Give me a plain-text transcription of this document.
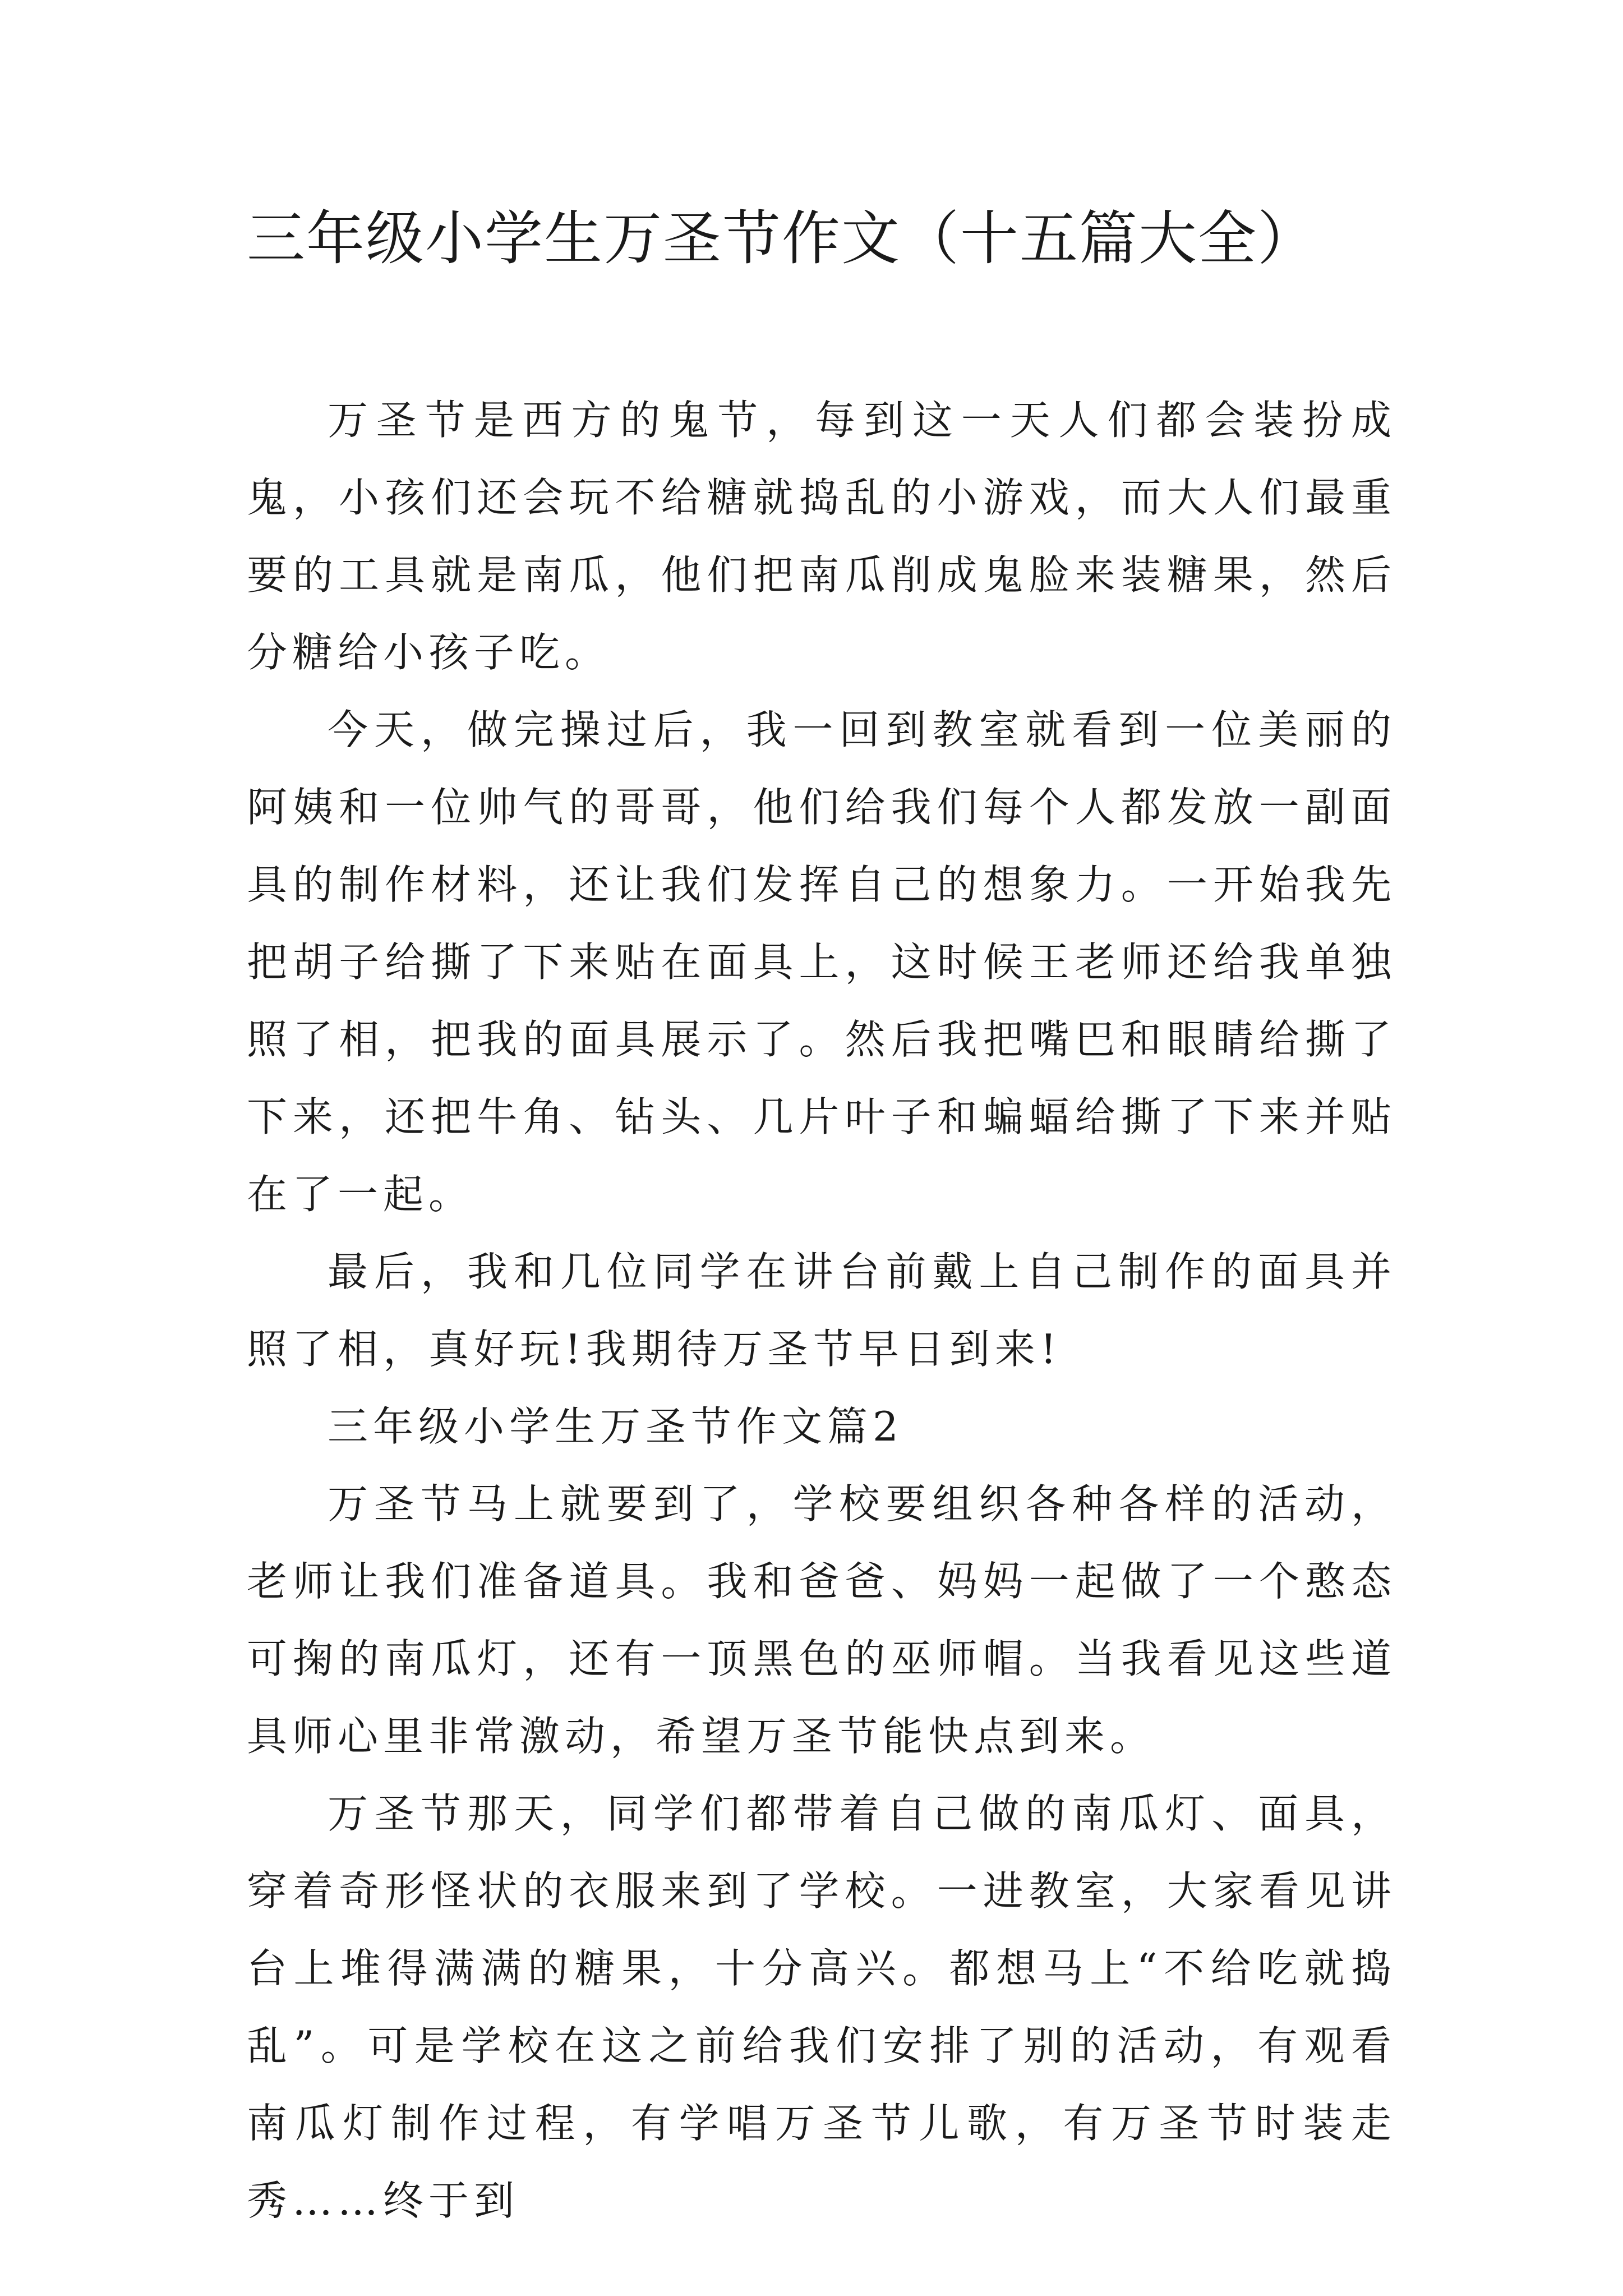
三年级小学生万圣节作文（十五篇大全）

万圣节是西方的鬼节，每到这一天人们都会装扮成鬼，小孩们还会玩不给糖就捣乱的小游戏，而大人们最重要的工具就是南瓜，他们把南瓜削成鬼脸来装糖果，然后分糖给小孩子吃。

今天，做完操过后，我一回到教室就看到一位美丽的阿姨和一位帅气的哥哥，他们给我们每个人都发放一副面具的制作材料，还让我们发挥自己的想象力。一开始我先把胡子给撕了下来贴在面具上，这时候王老师还给我单独照了相，把我的面具展示了。然后我把嘴巴和眼睛给撕了下来，还把牛角、钻头、几片叶子和蝙蝠给撕了下来并贴在了一起。

最后，我和几位同学在讲台前戴上自己制作的面具并照了相，真好玩!我期待万圣节早日到来!

三年级小学生万圣节作文篇2

万圣节马上就要到了，学校要组织各种各样的活动，老师让我们准备道具。我和爸爸、妈妈一起做了一个憨态可掬的南瓜灯，还有一顶黑色的巫师帽。当我看见这些道具师心里非常激动，希望万圣节能快点到来。

万圣节那天，同学们都带着自己做的南瓜灯、面具，穿着奇形怪状的衣服来到了学校。一进教室，大家看见讲台上堆得满满的糖果，十分高兴。都想马上“不给吃就捣乱”。可是学校在这之前给我们安排了别的活动，有观看南瓜灯制作过程，有学唱万圣节儿歌，有万圣节时装走秀……终于到
